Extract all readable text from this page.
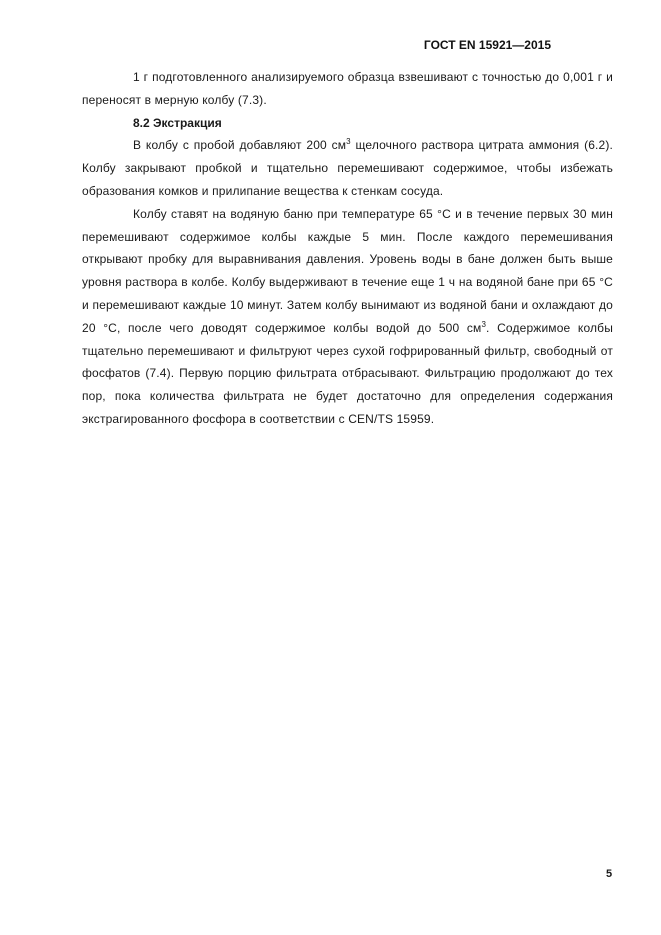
ГОСТ EN 15921—2015

1 г подготовленного анализируемого образца взвешивают с точностью до 0,001 г и переносят в мерную колбу (7.3).

8.2 Экстракция

В колбу с пробой добавляют 200 $см^3$ щелочного раствора цитрата аммония (6.2). Колбу закрывают пробкой и тщательно перемешивают содержимое, чтобы избежать образования комков и прилипание вещества к стенкам сосуда.

Колбу ставят на водяную баню при температуре 65 °C и в течение первых 30 мин перемешивают содержимое колбы каждые 5 мин. После каждого перемешивания открывают пробку для выравнивания давления. Уровень воды в бане должен быть выше уровня раствора в колбе. Колбу выдерживают в течение еще 1 ч на водяной бане при 65 °C и перемешивают каждые 10 минут. Затем колбу вынимают из водяной бани и охлаждают до 20 °C, после чего доводят содержимое колбы водой до 500 $см^3$. Содержимое колбы тщательно перемешивают и фильтруют через сухой гофрированный фильтр, свободный от фосфатов (7.4). Первую порцию фильтрата отбрасывают. Фильтрацию продолжают до тех пор, пока количества фильтрата не будет достаточно для определения содержания экстрагированного фосфора в соответствии с CEN/TS 15959.

5
